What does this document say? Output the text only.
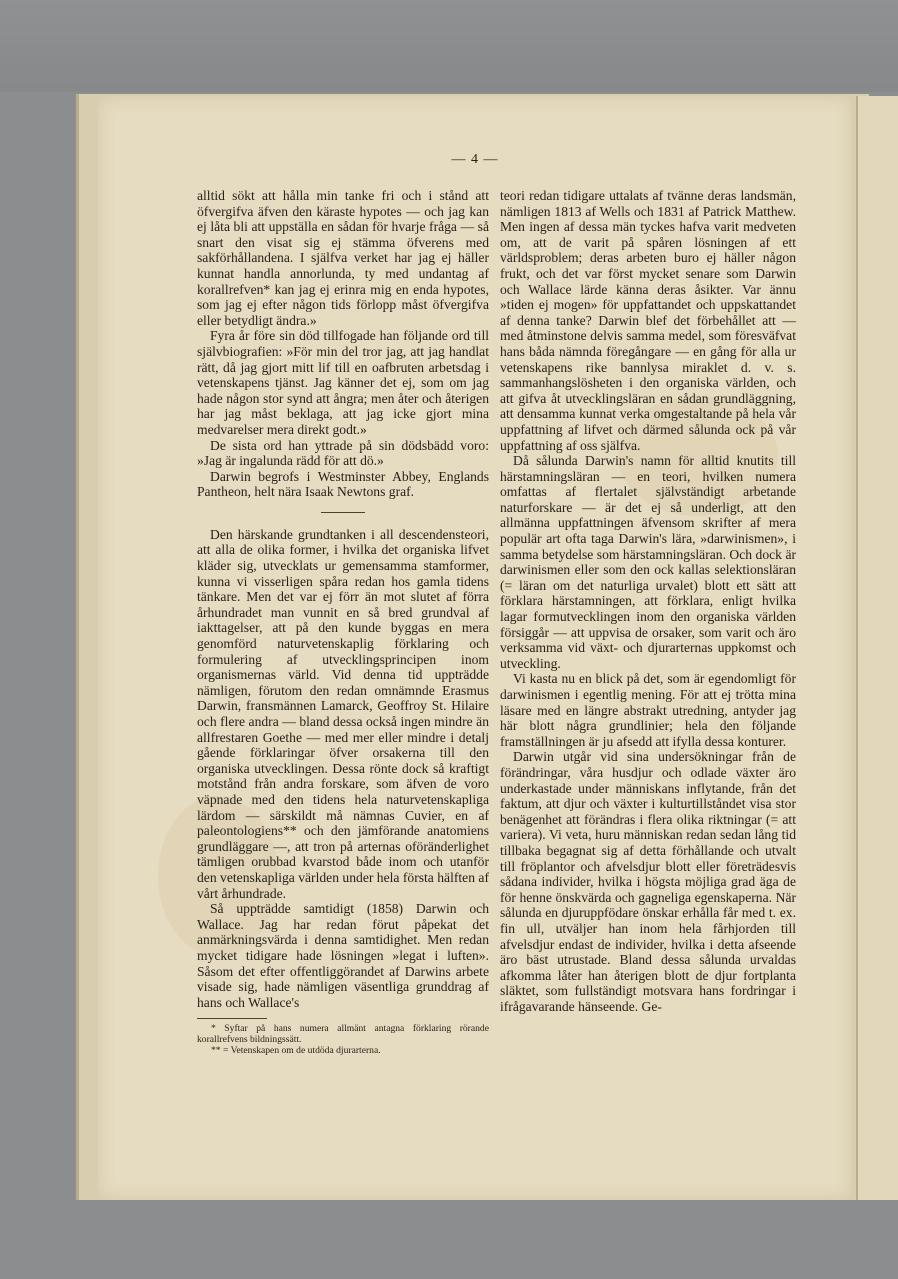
— 4 —

alltid sökt att hålla min tanke fri och i stånd att öfvergifva äfven den käraste hypotes — och jag kan ej låta bli att uppställa en sådan för hvarje fråga — så snart den visat sig ej stämma öfverens med sakförhållandena. I själfva verket har jag ej häller kunnat handla annorlunda, ty med undantag af korallrefven* kan jag ej erinra mig en enda hypotes, som jag ej efter någon tids förlopp måst öfvergifva eller betydligt ändra.»

Fyra år före sin död tillfogade han följande ord till självbiografien: »För min del tror jag, att jag handlat rätt, då jag gjort mitt lif till en oafbruten arbetsdag i vetenskapens tjänst. Jag känner det ej, som om jag hade någon stor synd att ångra; men åter och återigen har jag måst beklaga, att jag icke gjort mina medvarelser mera direkt godt.»

De sista ord han yttrade på sin dödsbädd voro: »Jag är ingalunda rädd för att dö.»

Darwin begrofs i Westminster Abbey, Englands Pantheon, helt nära Isaak Newtons graf.

Den härskande grundtanken i all descendensteori, att alla de olika former, i hvilka det organiska lifvet kläder sig, utvecklats ur gemensamma stamformer, kunna vi visserligen spåra redan hos gamla tidens tänkare. Men det var ej förr än mot slutet af förra århundradet man vunnit en så bred grundval af iakttagelser, att på den kunde byggas en mera genomförd naturvetenskaplig förklaring och formulering af utvecklingsprincipen inom organismernas värld. Vid denna tid uppträdde nämligen, förutom den redan omnämnde Erasmus Darwin, fransmännen Lamarck, Geoffroy St. Hilaire och flere andra — bland dessa också ingen mindre än allfrestaren Goethe — med mer eller mindre i detalj gående förklaringar öfver orsakerna till den organiska utvecklingen. Dessa rönte dock så kraftigt motstånd från andra forskare, som äfven de voro väpnade med den tidens hela naturvetenskapliga lärdom — särskildt må nämnas Cuvier, en af paleontologiens** och den jämförande anatomiens grundläggare —, att tron på arternas oföränderlighet tämligen orubbad kvarstod både inom och utanför den vetenskapliga världen under hela första hälften af vårt århundrade.

Så uppträdde samtidigt (1858) Darwin och Wallace. Jag har redan förut påpekat det anmärkningsvärda i denna samtidighet. Men redan mycket tidigare hade lösningen »legat i luften». Såsom det efter offentliggörandet af Darwins arbete visade sig, hade nämligen väsentliga grunddrag af hans och Wallace's

* Syftar på hans numera allmänt antagna förklaring rörande korallrefvens bildningssätt.

** = Vetenskapen om de utdöda djurarterna.

teori redan tidigare uttalats af tvänne deras landsmän, nämligen 1813 af Wells och 1831 af Patrick Matthew. Men ingen af dessa män tyckes hafva varit medveten om, att de varit på spåren lösningen af ett världsproblem; deras arbeten buro ej häller någon frukt, och det var först mycket senare som Darwin och Wallace lärde känna deras åsikter. Var ännu »tiden ej mogen» för uppfattandet och uppskattandet af denna tanke? Darwin blef det förbehållet att — med åtminstone delvis samma medel, som föresväfvat hans båda nämnda föregångare — en gång för alla ur vetenskapens rike bannlysa miraklet d. v. s. sammanhangslösheten i den organiska världen, och att gifva åt utvecklingsläran en sådan grundläggning, att densamma kunnat verka omgestaltande på hela vår uppfattning af lifvet och därmed sålunda ock på vår uppfattning af oss själfva.

Då sålunda Darwin's namn för alltid knutits till härstamningsläran — en teori, hvilken numera omfattas af flertalet självständigt arbetande naturforskare — är det ej så underligt, att den allmänna uppfattningen äfvensom skrifter af mera populär art ofta taga Darwin's lära, »darwinismen», i samma betydelse som härstamningsläran. Och dock är darwinismen eller som den ock kallas selektionsläran (= läran om det naturliga urvalet) blott ett sätt att förklara härstamningen, att förklara, enligt hvilka lagar formutvecklingen inom den organiska världen försiggår — att uppvisa de orsaker, som varit och äro verksamma vid växt- och djurarternas uppkomst och utveckling.

Vi kasta nu en blick på det, som är egendomligt för darwinismen i egentlig mening. För att ej trötta mina läsare med en längre abstrakt utredning, antyder jag här blott några grundlinier; hela den följande framställningen är ju afsedd att ifylla dessa konturer.

Darwin utgår vid sina undersökningar från de förändringar, våra husdjur och odlade växter äro underkastade under människans inflytande, från det faktum, att djur och växter i kulturtillståndet visa stor benägenhet att förändras i flera olika riktningar (= att variera). Vi veta, huru människan redan sedan lång tid tillbaka begagnat sig af detta förhållande och utvalt till fröplantor och afvelsdjur blott eller företrädesvis sådana individer, hvilka i högsta möjliga grad äga de för henne önskvärda och gagneliga egenskaperna. När sålunda en djuruppfödare önskar erhålla får med t. ex. fin ull, utväljer han inom hela fårhjorden till afvelsdjur endast de individer, hvilka i detta afseende äro bäst utrustade. Bland dessa sålunda urvaldas afkomma låter han återigen blott de djur fortplanta släktet, som fullständigt motsvara hans fordringar i ifrågavarande hänseende. Ge-
